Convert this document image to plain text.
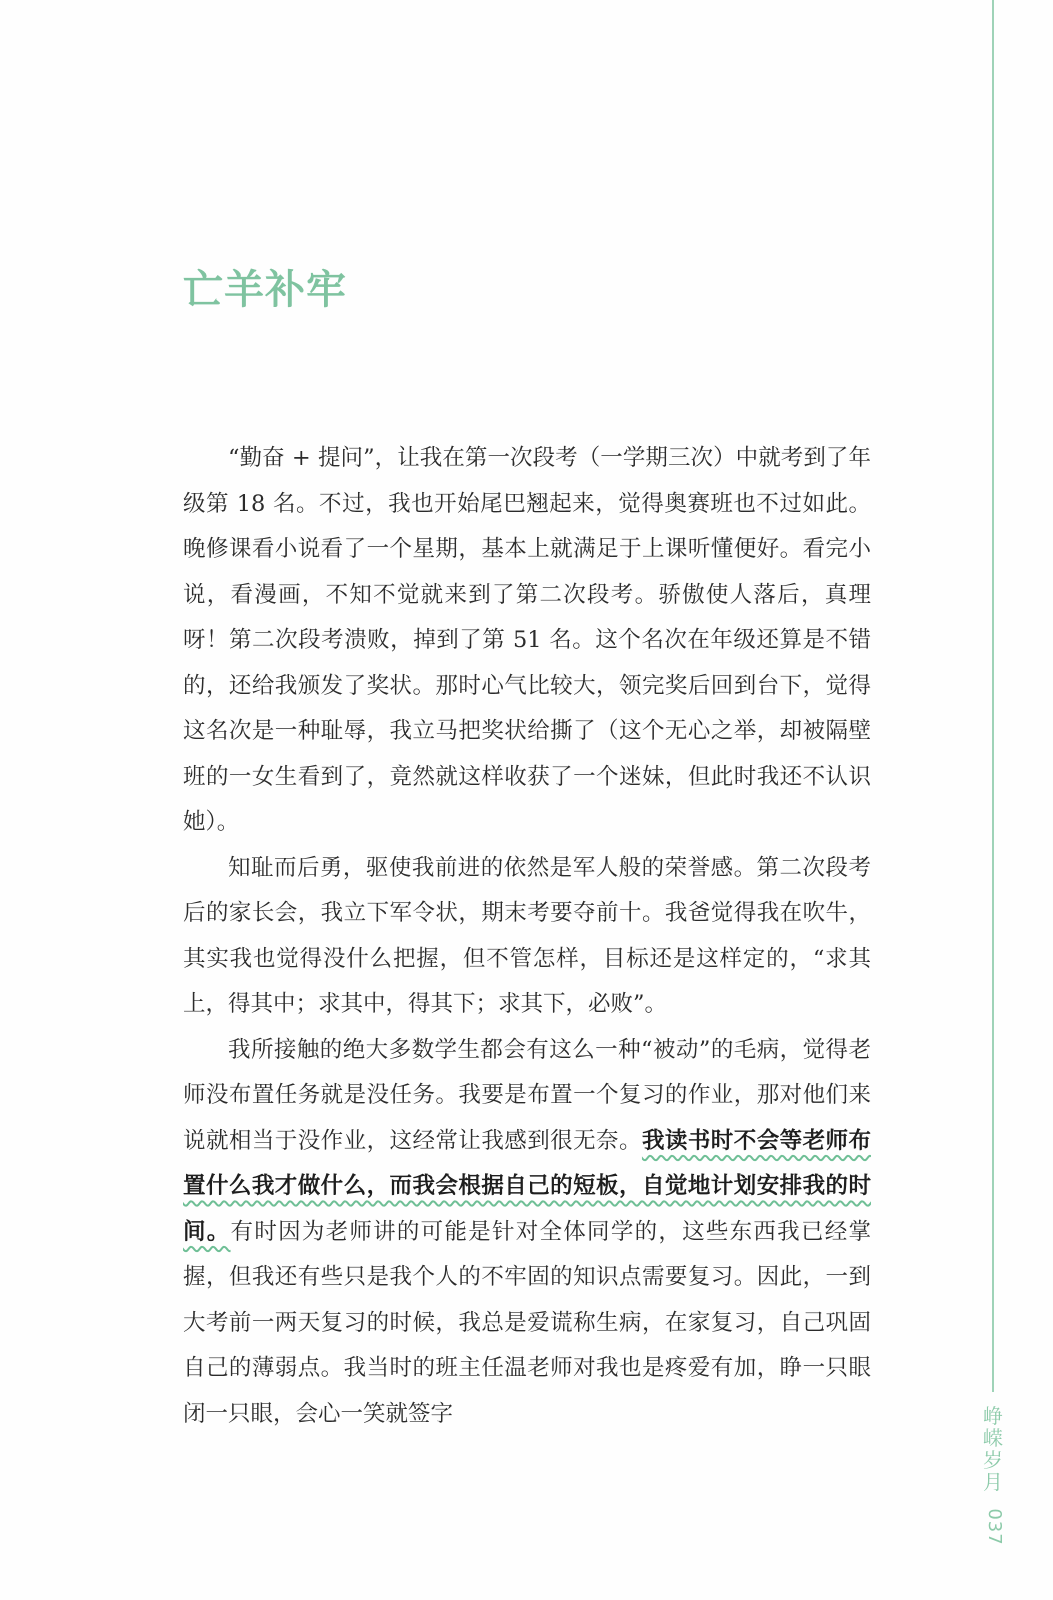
亡羊补牢

“勤奋 + 提问”，让我在第一次段考（一学期三次）中就考到了年级第 18 名。不过，我也开始尾巴翘起来，觉得奥赛班也不过如此。晚修课看小说看了一个星期，基本上就满足于上课听懂便好。看完小说，看漫画，不知不觉就来到了第二次段考。骄傲使人落后，真理呀！第二次段考溃败，掉到了第 51 名。这个名次在年级还算是不错的，还给我颁发了奖状。那时心气比较大，领完奖后回到台下，觉得这名次是一种耻辱，我立马把奖状给撕了（这个无心之举，却被隔壁班的一女生看到了，竟然就这样收获了一个迷妹，但此时我还不认识她）。

知耻而后勇，驱使我前进的依然是军人般的荣誉感。第二次段考后的家长会，我立下军令状，期末考要夺前十。我爸觉得我在吹牛，其实我也觉得没什么把握，但不管怎样，目标还是这样定的，“求其上，得其中；求其中，得其下；求其下，必败”。

我所接触的绝大多数学生都会有这么一种“被动”的毛病，觉得老师没布置任务就是没任务。我要是布置一个复习的作业，那对他们来说就相当于没作业，这经常让我感到很无奈。我读书时不会等老师布置什么我才做什么，而我会根据自己的短板，自觉地计划安排我的时间。有时因为老师讲的可能是针对全体同学的，这些东西我已经掌握，但我还有些只是我个人的不牢固的知识点需要复习。因此，一到大考前一两天复习的时候，我总是爱谎称生病，在家复习，自己巩固自己的薄弱点。我当时的班主任温老师对我也是疼爱有加，睁一只眼闭一只眼，会心一笑就签字	峥嵘岁月
037
